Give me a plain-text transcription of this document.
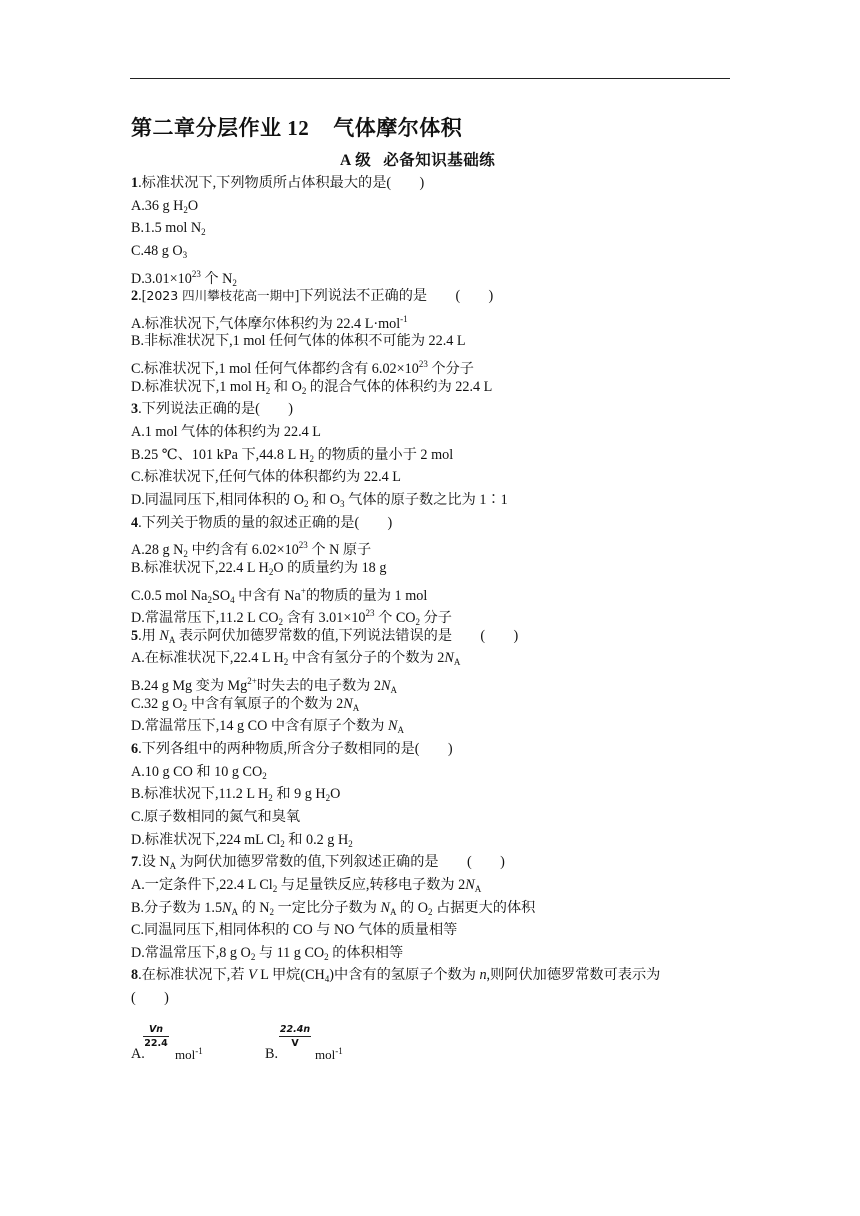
第二章分层作业 12 气体摩尔体积
A 级 必备知识基础练
1.标准状况下,下列物质所占体积最大的是(　　)
A.36 g $H_2O$
B.1.5 mol $N_2$
C.48 g $O_3$
$D.3.01\times 10^{23}$ 个 $N_2$
2.[2023 四川攀枝花高一期中]下列说法不正确的是　　(　　)
A.标准状况下,气体摩尔体积约为 22.4 L·mol$^{-1}$
B.非标准状况下,1 mol 任何气体的体积不可能为 22.4 L
C.标准状况下,1 mol 任何气体都约含有 $6.02\times 10^{23}$ 个分子
D.标准状况下,1 mol $H_2$ 和 $O_2$ 的混合气体的体积约为 22.4 L
3.下列说法正确的是(　　)
A.1 mol 气体的体积约为 22.4 L
B.25 ℃、101 kPa 下,44.8 L $H_2$ 的物质的量小于 2 mol
C.标准状况下,任何气体的体积都约为 22.4 L
D.同温同压下,相同体积的 $O_2$ 和 $O_3$ 气体的原子数之比为 1∶1
4.下列关于物质的量的叙述正确的是(　　)
A.28 g $N_2$ 中约含有 $6.02\times 10^{23}$ 个 N 原子
B.标准状况下,22.4 L $H_2O$ 的质量约为 18 g
C.0.5 mol $Na_2SO_4$ 中含有 Na+的物质的量为 1 mol
D.常温常压下,11.2 L $CO_2$ 含有 $3.01\times 10^{23}$ 个 $CO_2$ 分子
5.用 $N_A$ 表示阿伏加德罗常数的值,下列说法错误的是　　(　　)
A.在标准状况下,22.4 L $H_2$ 中含有氢分子的个数为 $2N_A$
B.24 g Mg 变为 $Mg^{2+}$时失去的电子数为 $2N_A$
C.32 g $O_2$ 中含有氧原子的个数为 $2N_A$
D.常温常压下,14 g CO 中含有原子个数为 $N_A$
6.下列各组中的两种物质,所含分子数相同的是(　　)
A.10 g CO 和 10 g $CO_2$
B.标准状况下,11.2 L $H_2$ 和 9 g $H_2O$
C.原子数相同的氮气和臭氧
D.标准状况下,224 mL $Cl_2$ 和 0.2 g $H_2$
7.设 $N_A$ 为阿伏加德罗常数的值,下列叙述正确的是　　(　　)
A.一定条件下,22.4 L $Cl_2$ 与足量铁反应,转移电子数为 $2N_A$
B.分子数为 $1.5N_A$ 的 $N_2$ 一定比分子数为 $N_A$ 的 $O_2$ 占据更大的体积
C.同温同压下,相同体积的 CO 与 NO 气体的质量相等
D.常温常压下,8 g $O_2$ 与 11 g $CO_2$ 的体积相等
8.在标准状况下,若 V L 甲烷$(CH_4)$中含有的氢原子个数为 n,则阿伏加德罗常数可表示为
(　　)
A.
Vn
22.4
mol$^{-1}$	B.
22.4n
V
mol$^{-1}$
